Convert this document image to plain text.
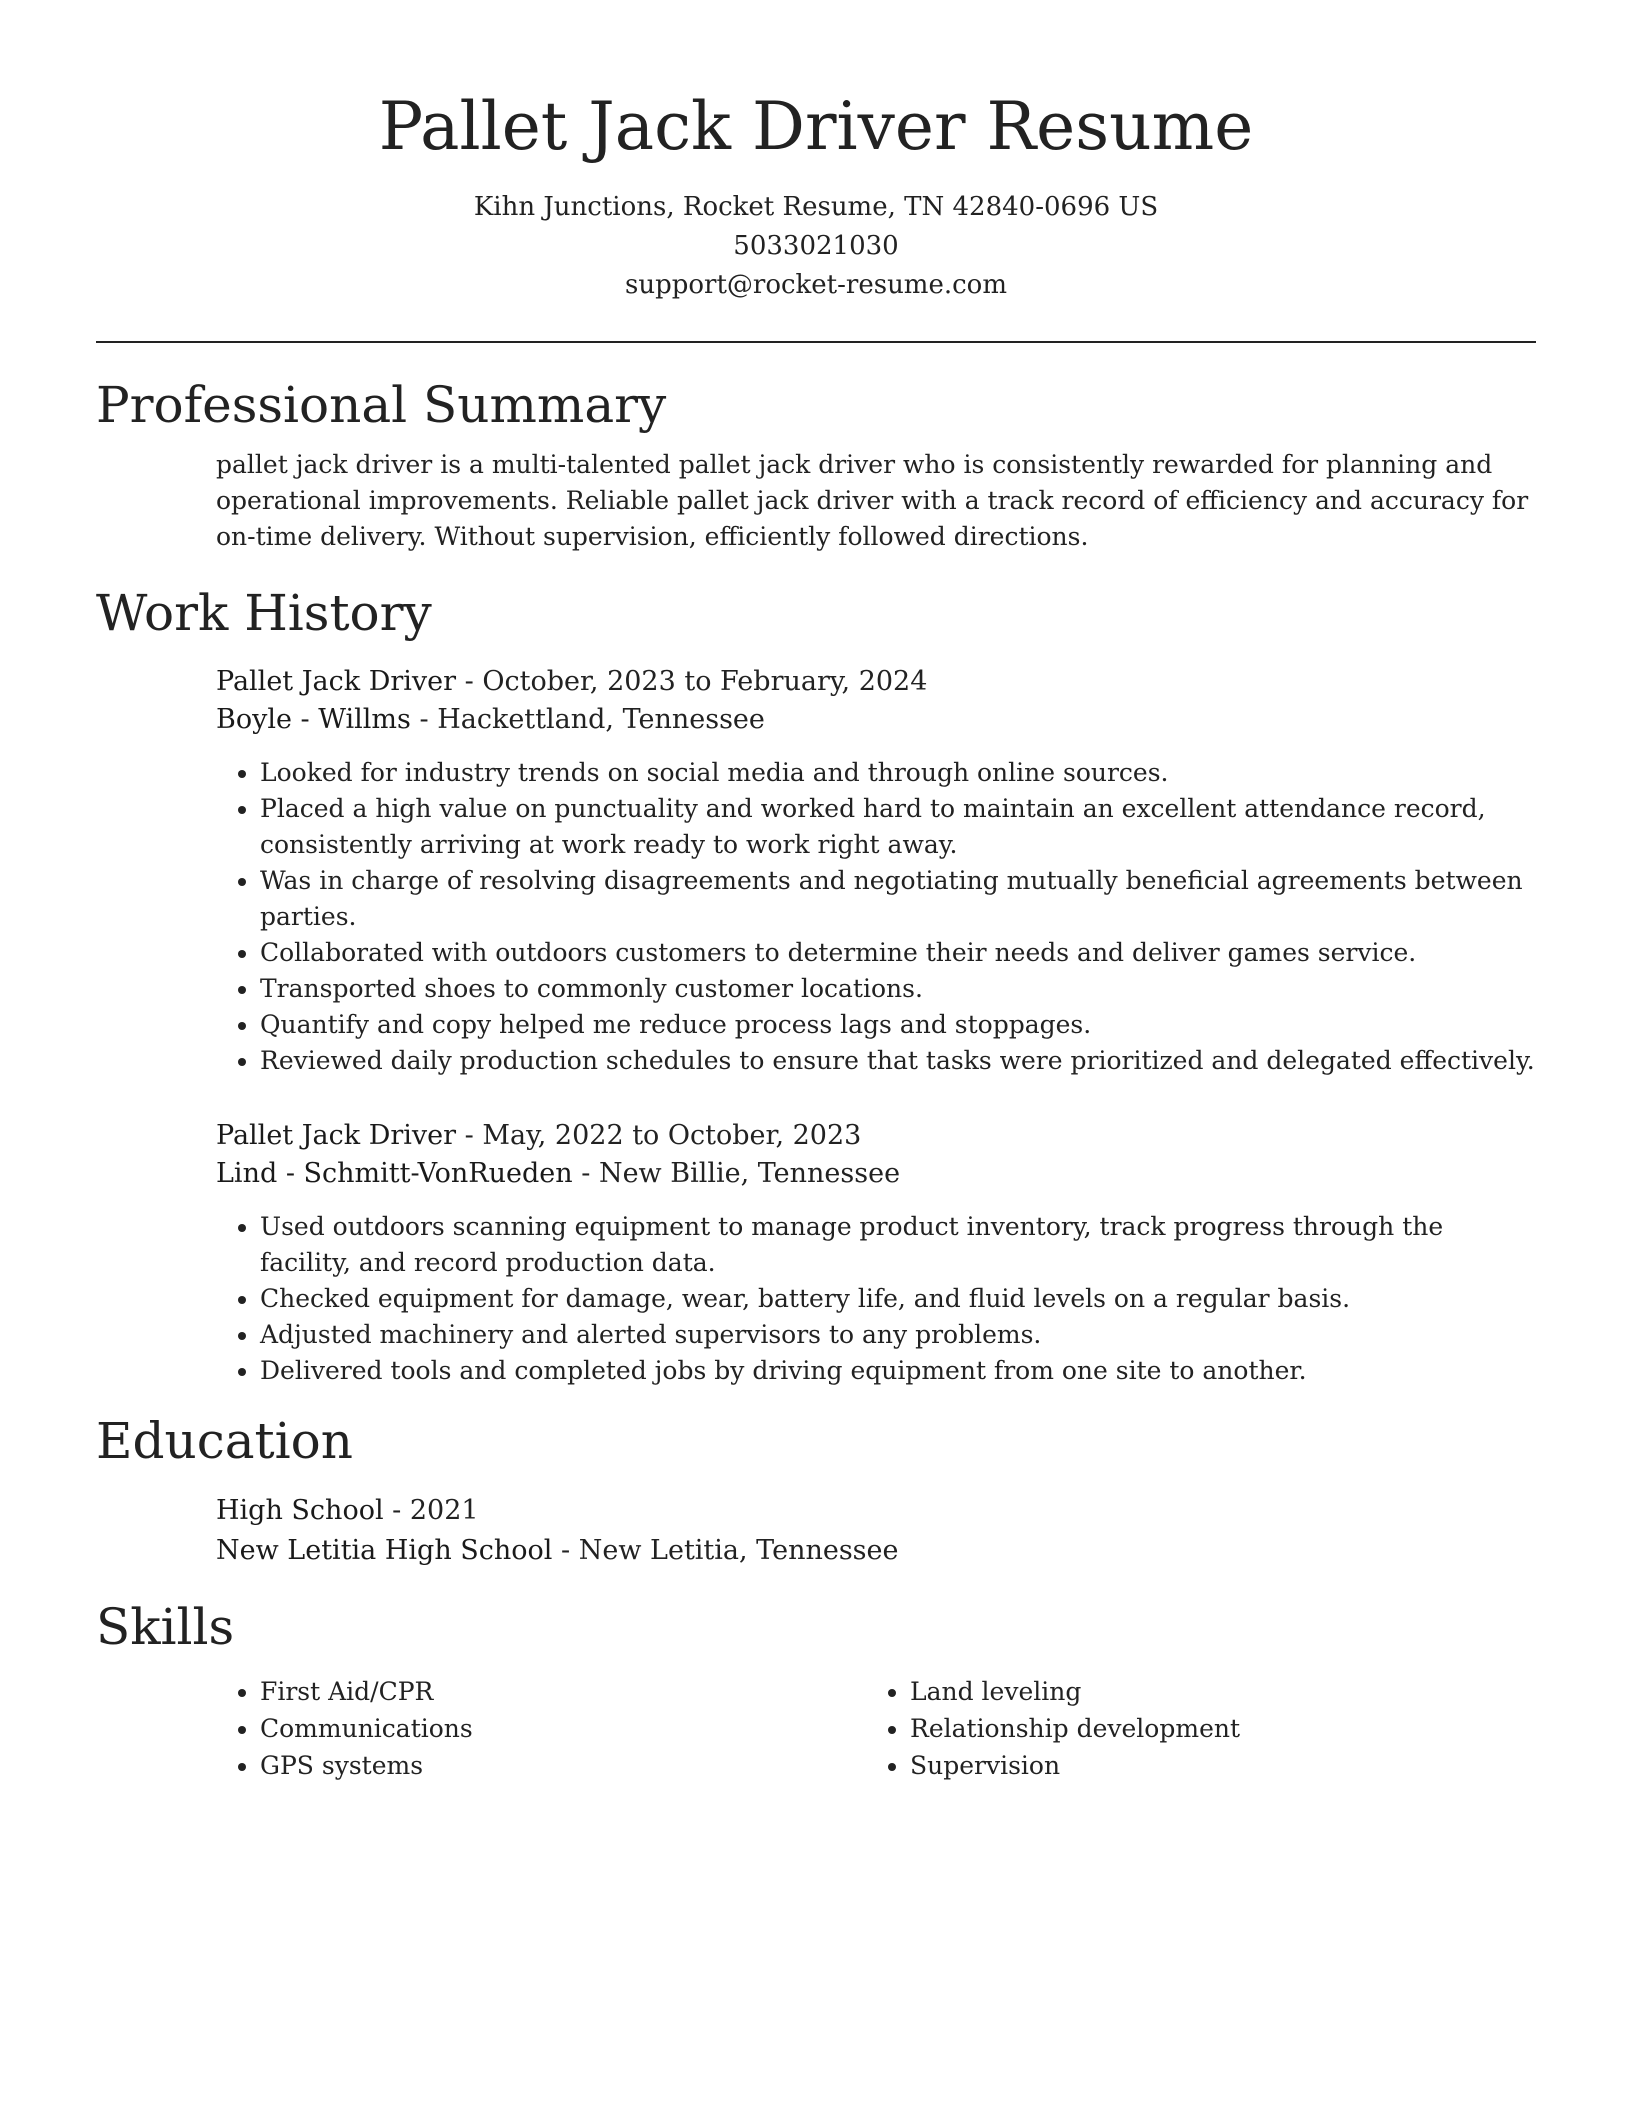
Pallet Jack Driver Resume
Kihn Junctions, Rocket Resume, TN 42840-0696 US
5033021030
support@rocket-resume.com
Professional Summary
pallet jack driver is a multi-talented pallet jack driver who is consistently rewarded for planning and operational improvements. Reliable pallet jack driver with a track record of efficiency and accuracy for on-time delivery. Without supervision, efficiently followed directions.
Work History
Pallet Jack Driver - October, 2023 to February, 2024
Boyle - Willms - Hackettland, Tennessee
• Looked for industry trends on social media and through online sources.
• Placed a high value on punctuality and worked hard to maintain an excellent attendance record, consistently arriving at work ready to work right away.
• Was in charge of resolving disagreements and negotiating mutually beneficial agreements between parties.
• Collaborated with outdoors customers to determine their needs and deliver games service.
• Transported shoes to commonly customer locations.
• Quantify and copy helped me reduce process lags and stoppages.
• Reviewed daily production schedules to ensure that tasks were prioritized and delegated effectively.
Pallet Jack Driver - May, 2022 to October, 2023
Lind - Schmitt-VonRueden - New Billie, Tennessee
• Used outdoors scanning equipment to manage product inventory, track progress through the facility, and record production data.
• Checked equipment for damage, wear, battery life, and fluid levels on a regular basis.
• Adjusted machinery and alerted supervisors to any problems.
• Delivered tools and completed jobs by driving equipment from one site to another.
Education
High School - 2021
New Letitia High School - New Letitia, Tennessee
Skills
• First Aid/CPR
• Communications
• GPS systems
• Land leveling
• Relationship development
• Supervision
